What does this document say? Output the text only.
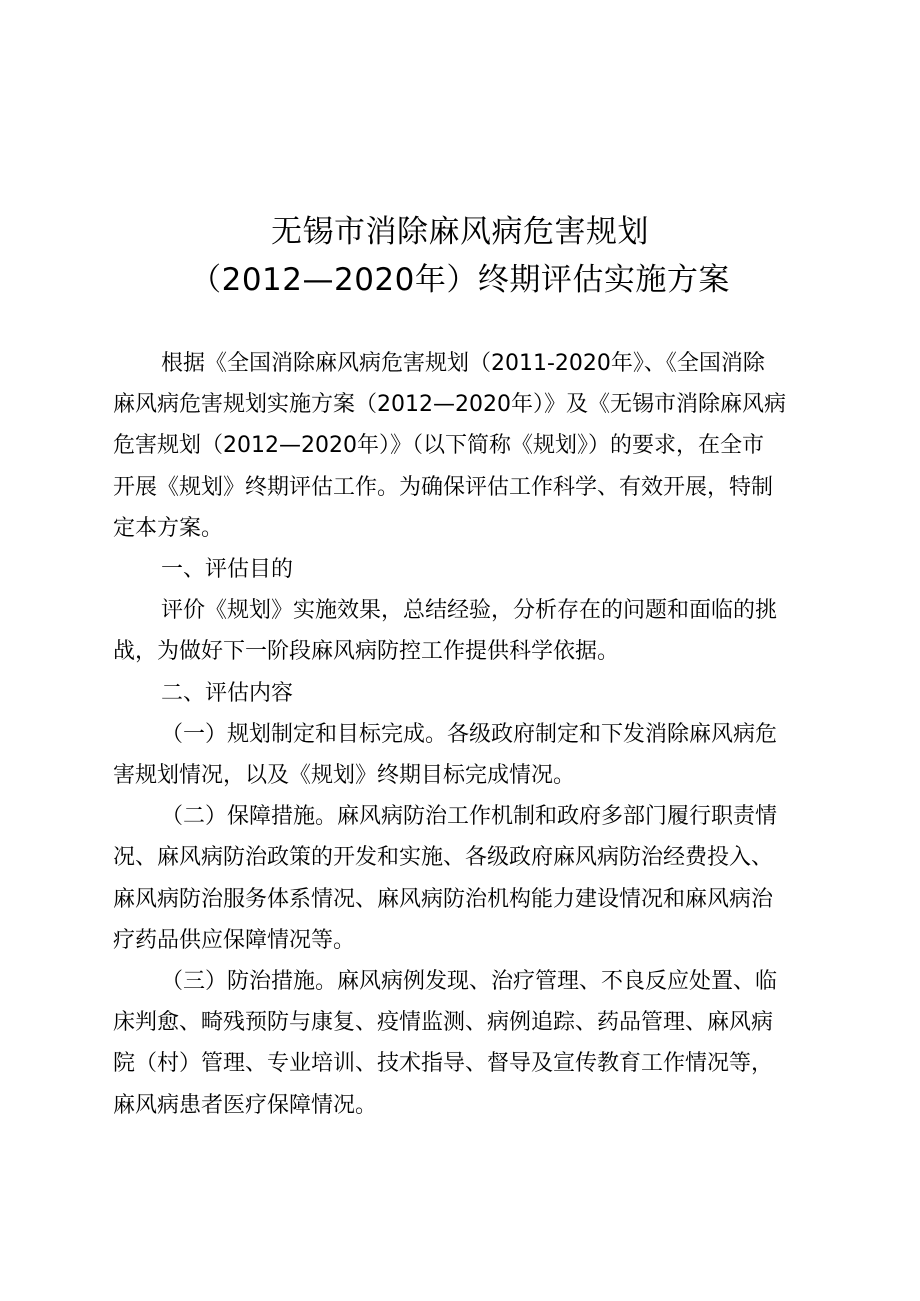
无锡市消除麻风病危害规划
（2012—2020年）终期评估实施方案
根据《全国消除麻风病危害规划（2011-2020年》、《全国消除
麻风病危害规划实施方案（2012—2020年）》及《无锡市消除麻风病
危害规划（2012—2020年）》（以下简称《规划》）的要求，在全市
开展《规划》终期评估工作。为确保评估工作科学、有效开展，特制
定本方案。
一、评估目的
评价《规划》实施效果，总结经验，分析存在的问题和面临的挑
战，为做好下一阶段麻风病防控工作提供科学依据。
二、评估内容
（一）规划制定和目标完成。各级政府制定和下发消除麻风病危
害规划情况，以及《规划》终期目标完成情况。
（二）保障措施。麻风病防治工作机制和政府多部门履行职责情
况、麻风病防治政策的开发和实施、各级政府麻风病防治经费投入、
麻风病防治服务体系情况、麻风病防治机构能力建设情况和麻风病治
疗药品供应保障情况等。
（三）防治措施。麻风病例发现、治疗管理、不良反应处置、临
床判愈、畸残预防与康复、疫情监测、病例追踪、药品管理、麻风病
院（村）管理、专业培训、技术指导、督导及宣传教育工作情况等，
麻风病患者医疗保障情况。
